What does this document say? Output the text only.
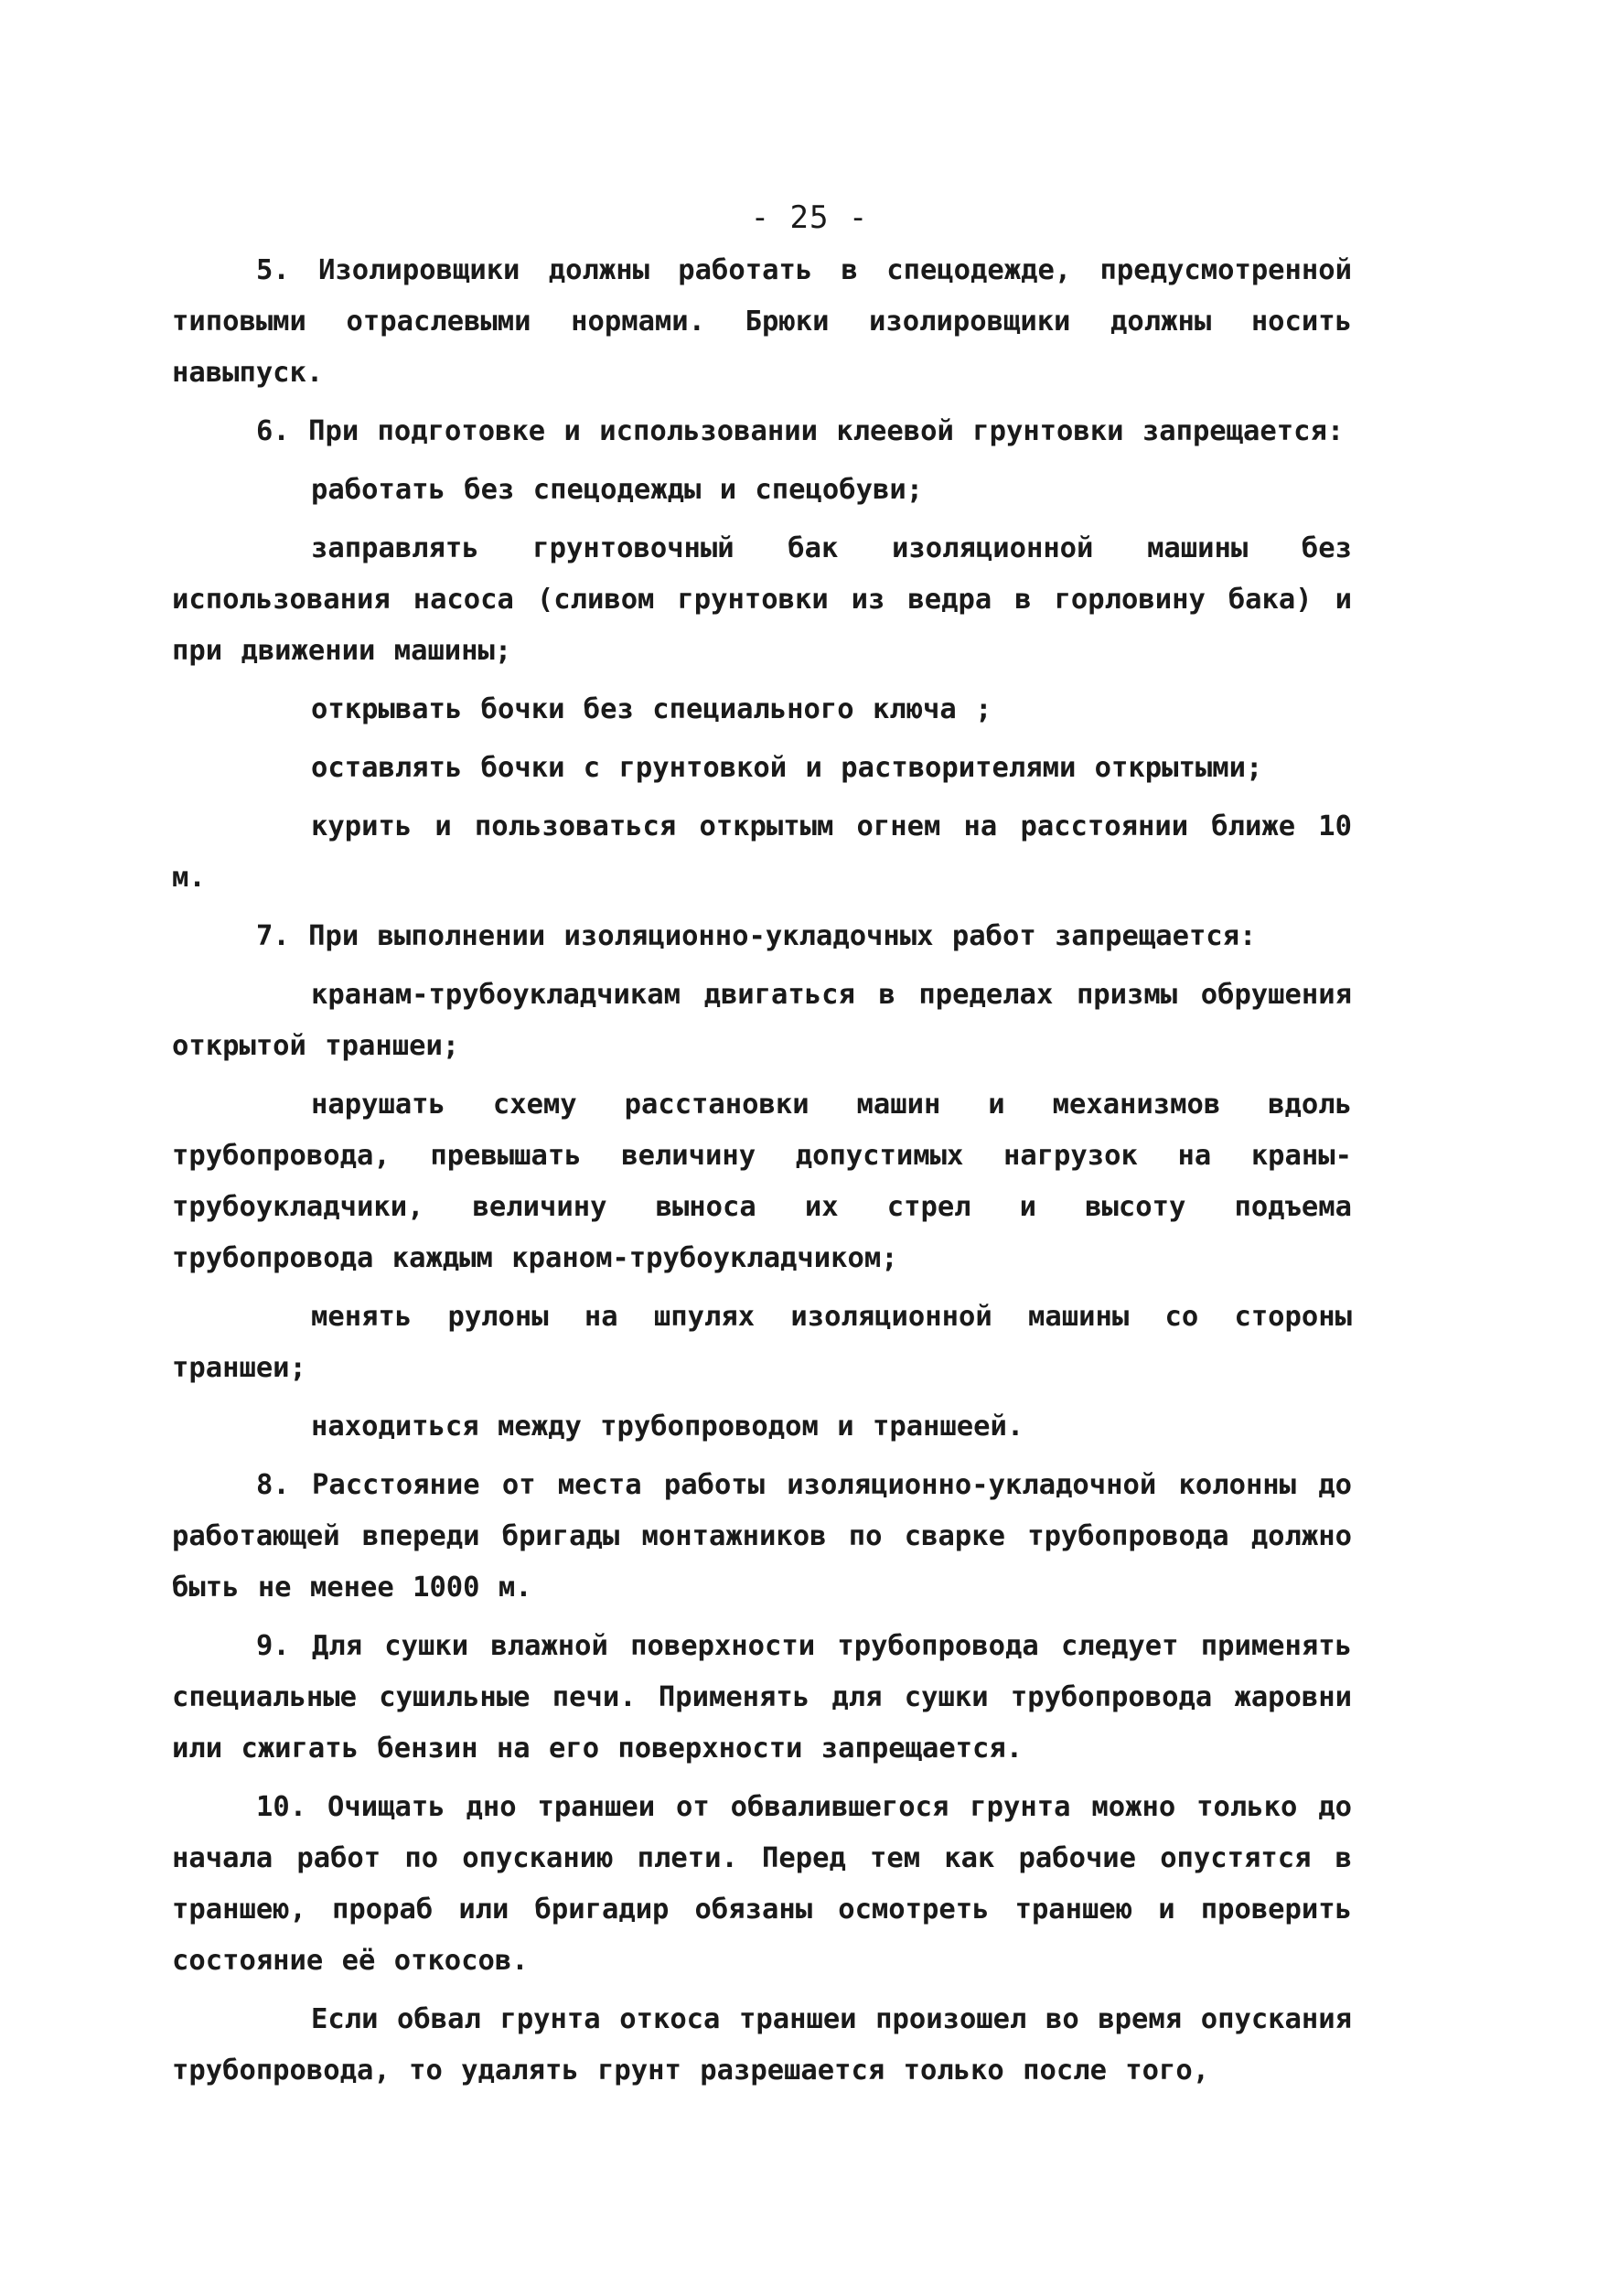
- 25 -

5. Изолировщики должны работать в спецодежде, предусмотренной типовыми отраслевыми нормами. Брюки изолировщики должны носить навыпуск.

6. При подготовке и использовании клеевой грунтовки запрещается:

работать без спецодежды и спецобуви;

заправлять грунтовочный бак изоляционной машины без использования насоса (сливом грунтовки из ведра в горловину бака) и при движении машины;

открывать бочки без специального ключа ;

оставлять бочки с грунтовкой и растворителями открытыми;

курить и пользоваться открытым огнем на расстоянии ближе 10 м.

7. При выполнении изоляционно-укладочных работ запрещается:

кранам-трубоукладчикам двигаться в пределах призмы обрушения открытой траншеи;

нарушать схему расстановки машин и механизмов вдоль трубопровода, превышать величину допустимых нагрузок на краны-трубоукладчики, величину выноса их стрел и высоту подъема трубопровода каждым краном-трубоукладчиком;

менять рулоны на шпулях изоляционной машины со стороны траншеи;

находиться между трубопроводом и траншеей.

8. Расстояние от места работы изоляционно-укладочной колонны до работающей впереди бригады монтажников по сварке трубопровода должно быть не менее 1000 м.

9. Для сушки влажной поверхности трубопровода следует применять специальные сушильные печи. Применять для сушки трубопровода жаровни или сжигать бензин на его поверхности запрещается.

10. Очищать дно траншеи от обвалившегося грунта можно только до начала работ по опусканию плети. Перед тем как рабочие опустятся в траншею, прораб или бригадир обязаны осмотреть траншею и проверить состояние её откосов.

Если обвал грунта откоса траншеи произошел во время опускания трубопровода, то удалять грунт разрешается только после того,
